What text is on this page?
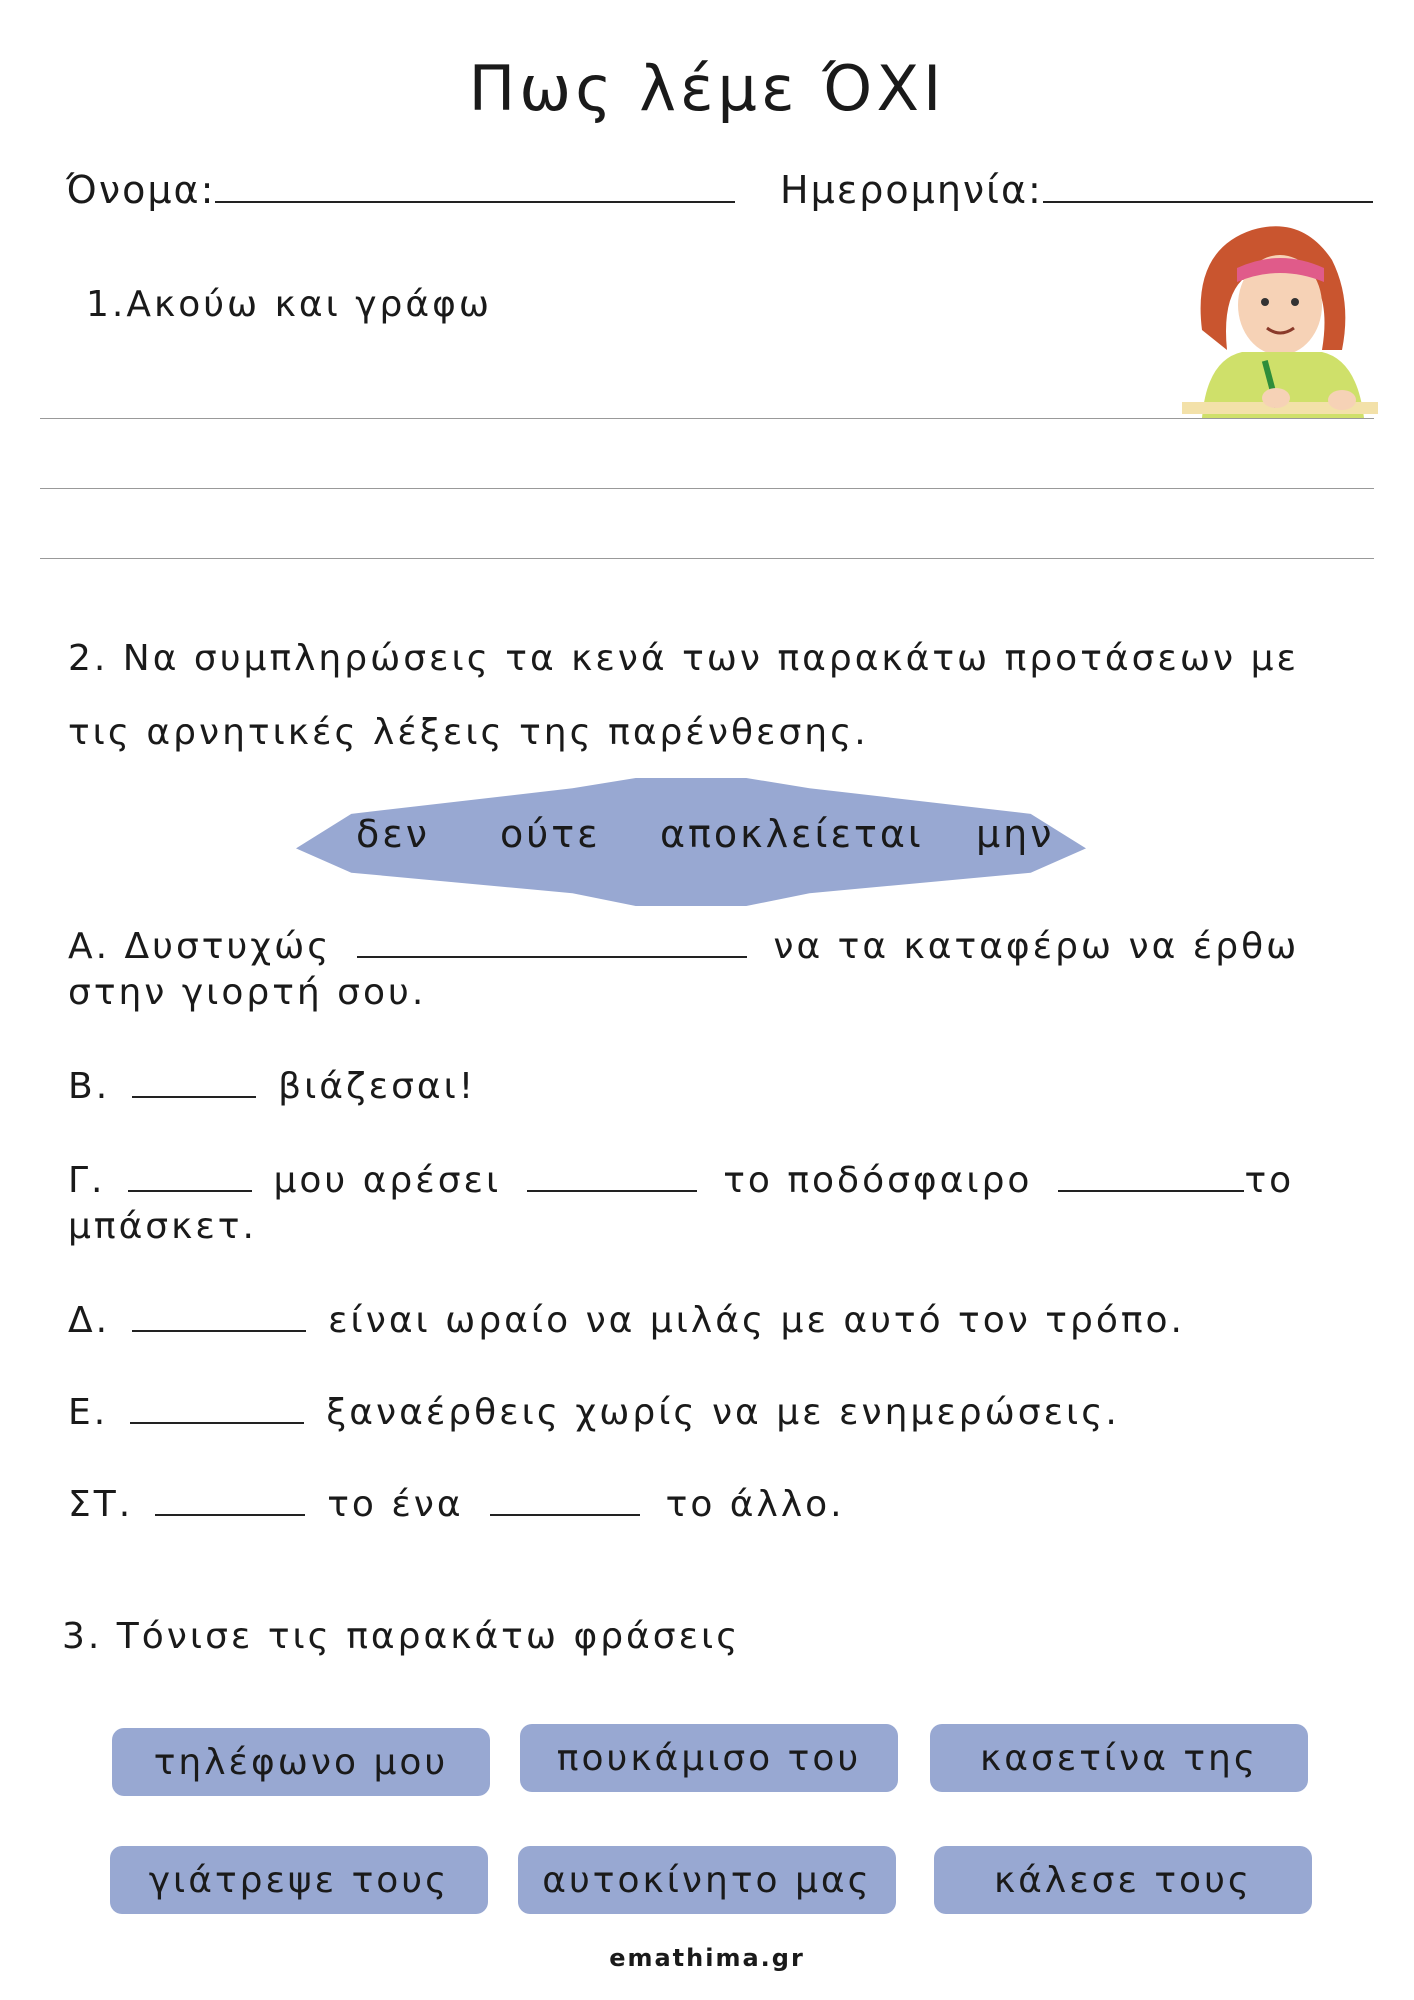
Πως λέμε ΌΧΙ
Όνομα:	Ημερομηνία:
1.Ακούω και γράφω
2. Να συμπληρώσεις τα κενά των παρακάτω προτάσεων με τις αρνητικές λέξεις της παρένθεσης.
δεν ούτε αποκλείεται μην
Α. Δυστυχώς	να τα καταφέρω να έρθω
στην γιορτή σου.
Β.	βιάζεσαι!
Γ.	μου αρέσει	το ποδόσφαιρο	το
μπάσκετ.
Δ.	είναι ωραίο να μιλάς με αυτό τον τρόπο.
Ε.	ξαναέρθεις χωρίς να με ενημερώσεις.
ΣΤ.	το ένα	το άλλο.
3. Τόνισε τις παρακάτω φράσεις
τηλέφωνο μου	πουκάμισο του	κασετίνα της
γιάτρεψε τους	αυτοκίνητο μας	κάλεσε τους
emathima.gr
